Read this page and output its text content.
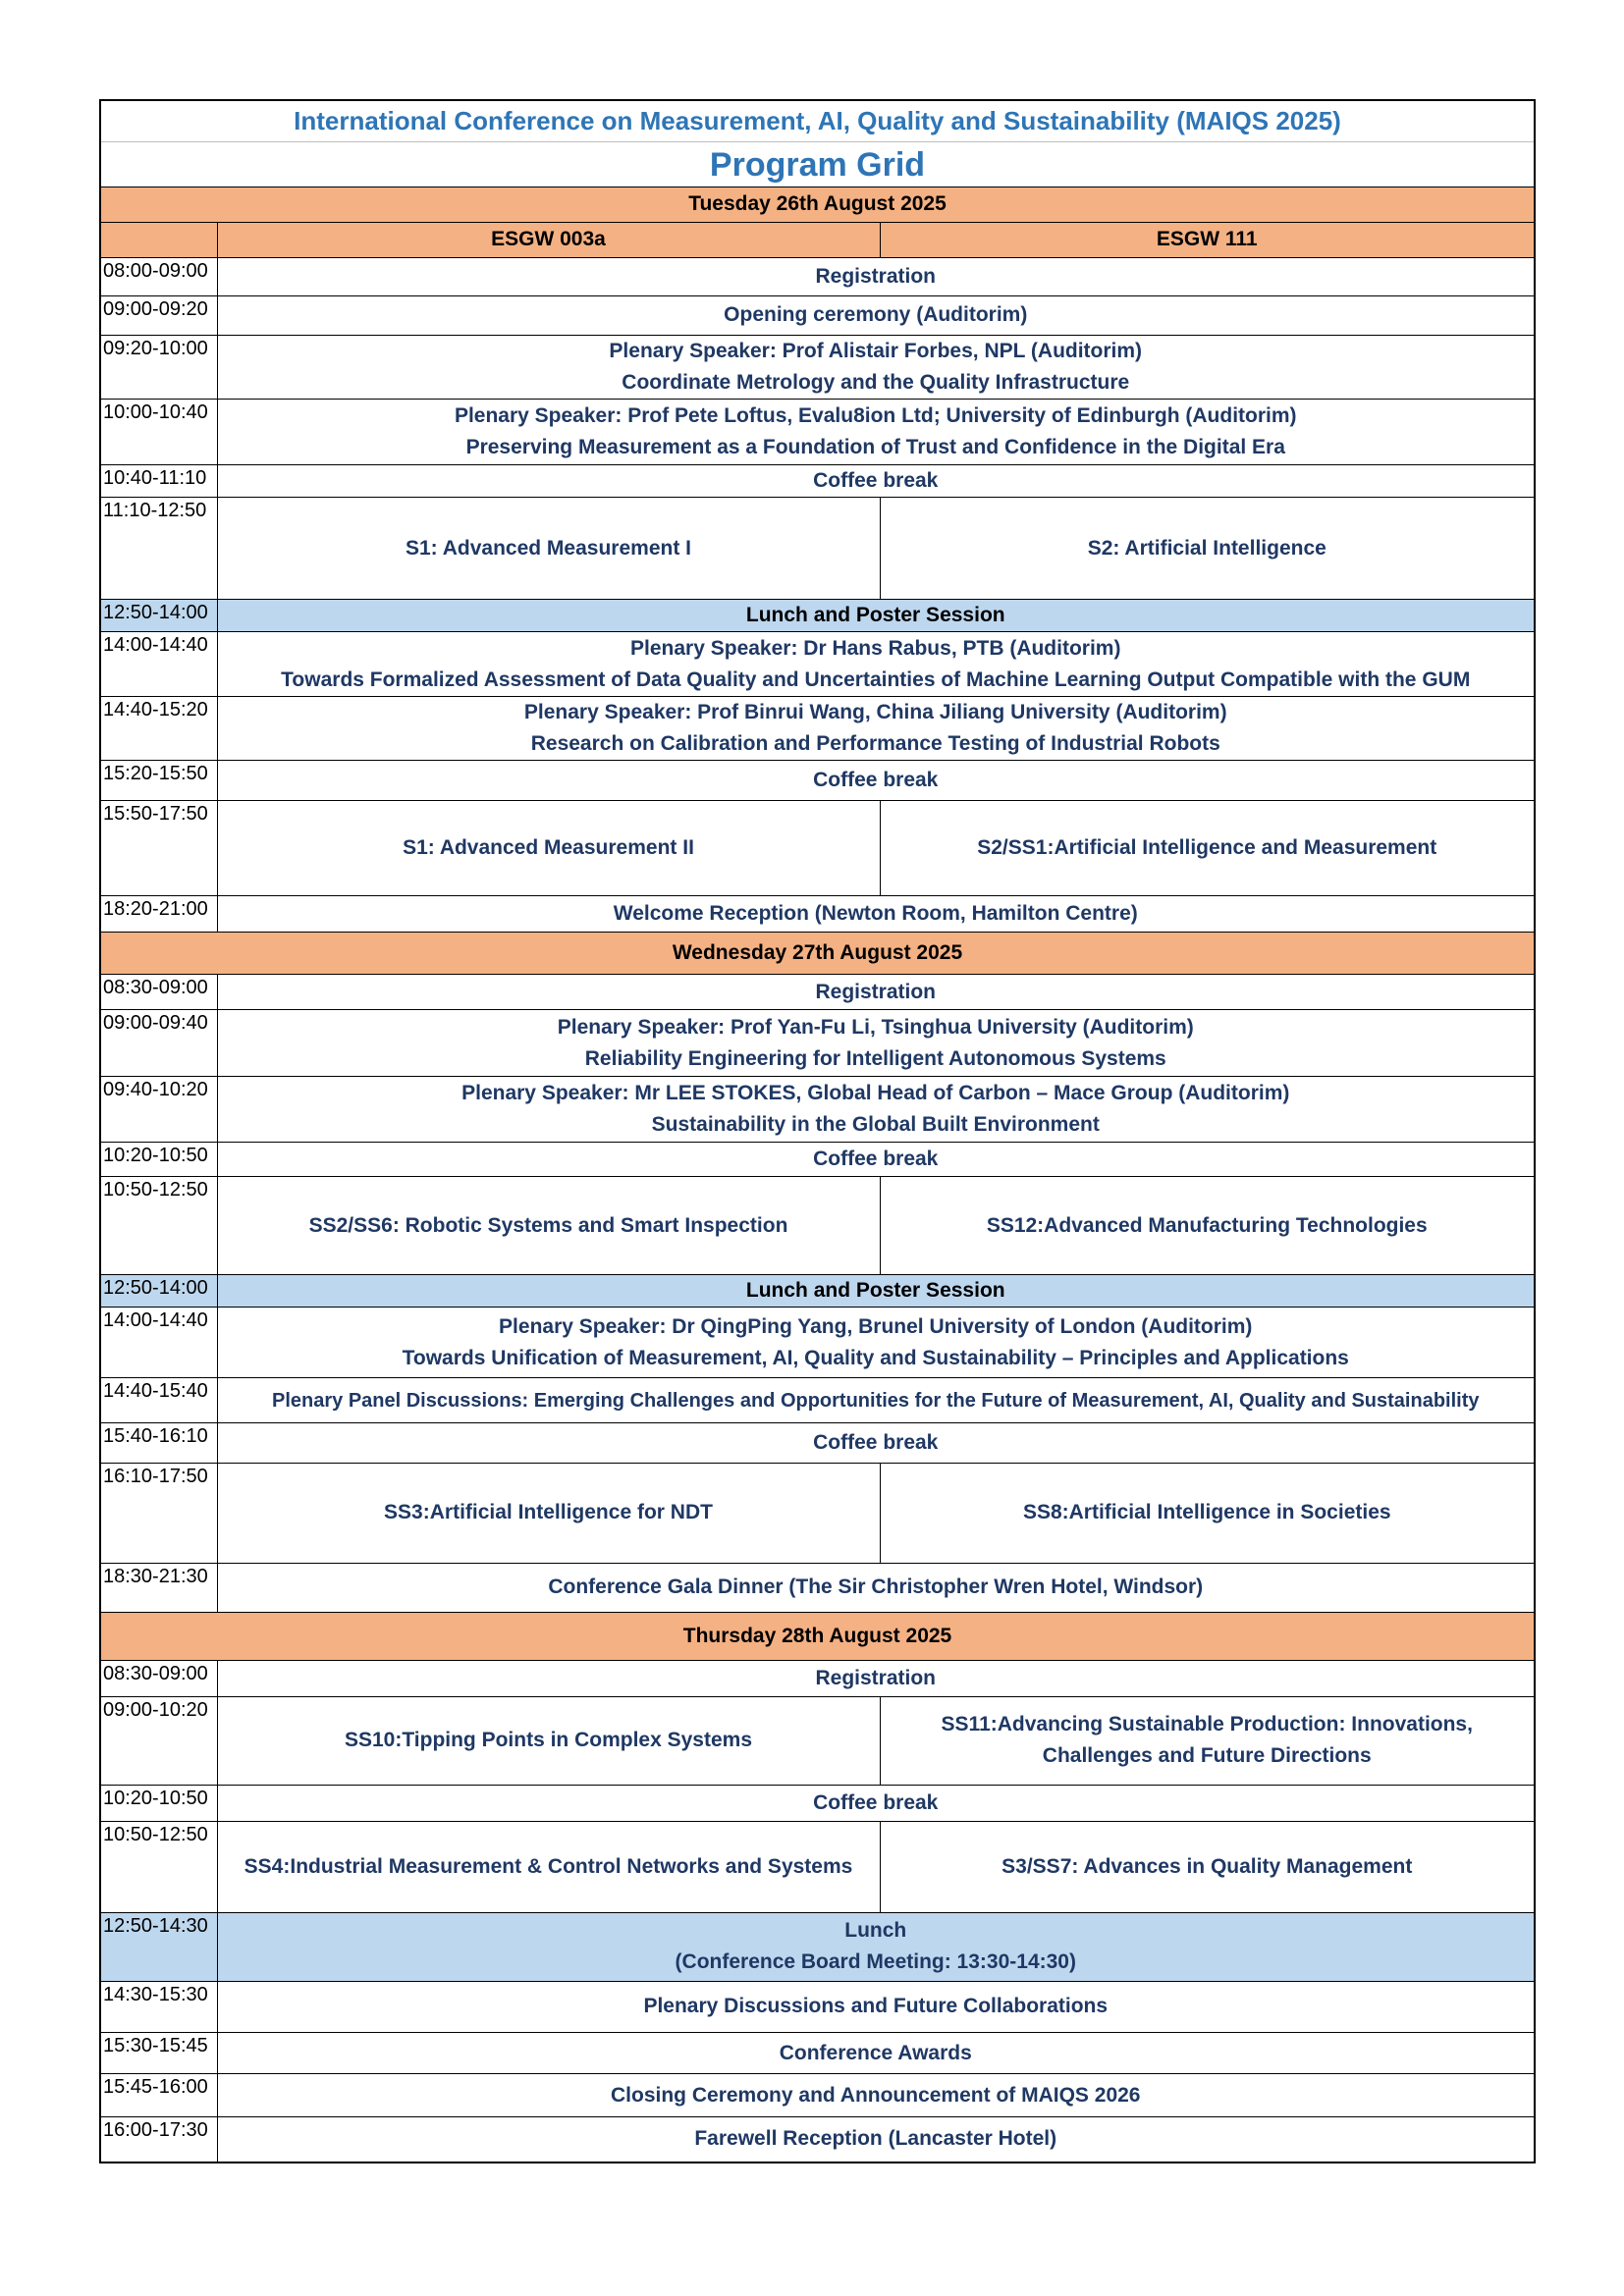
International Conference on Measurement, AI, Quality and Sustainability (MAIQS 2025)		
Program Grid		
Tuesday 26th August 2025		
	ESGW 003a	ESGW 111
08:00-09:00	Registration	
09:00-09:20	Opening ceremony (Auditorim)	
09:20-10:00	Plenary Speaker: Prof Alistair Forbes, NPL (Auditorim)
Coordinate Metrology and the Quality Infrastructure	

10:00-10:40	Plenary Speaker: Prof Pete Loftus, Evalu8ion Ltd; University of Edinburgh (Auditorim)
Preserving Measurement as a Foundation of Trust and Confidence in the Digital Era	

10:40-11:10	Coffee break	
11:10-12:50	S1: Advanced Measurement I	S2: Artificial Intelligence
12:50-14:00	Lunch and Poster Session	
14:00-14:40	Plenary Speaker: Dr Hans Rabus, PTB (Auditorim)
Towards Formalized Assessment of Data Quality and Uncertainties of Machine Learning Output Compatible with the GUM	

14:40-15:20	Plenary Speaker: Prof Binrui Wang, China Jiliang University (Auditorim)
Research on Calibration and Performance Testing of Industrial Robots	

15:20-15:50	Coffee break	
15:50-17:50	S1: Advanced Measurement II	S2/SS1:Artificial Intelligence and Measurement
18:20-21:00	Welcome Reception (Newton Room, Hamilton Centre)	
Wednesday 27th August 2025		
08:30-09:00	Registration	
09:00-09:40	Plenary Speaker: Prof Yan-Fu Li, Tsinghua University (Auditorim)
Reliability Engineering for Intelligent Autonomous Systems	

09:40-10:20	Plenary Speaker: Mr LEE STOKES, Global Head of Carbon – Mace Group (Auditorim)
Sustainability in the Global Built Environment	

10:20-10:50	Coffee break	
10:50-12:50	SS2/SS6: Robotic Systems and Smart Inspection	SS12:Advanced Manufacturing Technologies
12:50-14:00	Lunch and Poster Session	
14:00-14:40	Plenary Speaker: Dr QingPing Yang, Brunel University of London (Auditorim)
Towards Unification of Measurement, AI, Quality and Sustainability – Principles and Applications	

14:40-15:40	Plenary Panel Discussions: Emerging Challenges and Opportunities for the Future of Measurement, AI, Quality and Sustainability	
15:40-16:10	Coffee break	
16:10-17:50	SS3:Artificial Intelligence for NDT	SS8:Artificial Intelligence in Societies
18:30-21:30	Conference Gala Dinner (The Sir Christopher Wren Hotel, Windsor)	
Thursday 28th August 2025		
08:30-09:00	Registration	
09:00-10:20	SS10:Tipping Points in Complex Systems	SS11:Advancing Sustainable Production: Innovations,
Challenges and Future Directions

10:20-10:50	Coffee break	
10:50-12:50	SS4:Industrial Measurement & Control Networks and Systems	S3/SS7: Advances in Quality Management
12:50-14:30	Lunch
(Conference Board Meeting: 13:30-14:30)	

14:30-15:30	Plenary Discussions and Future Collaborations	
15:30-15:45	Conference Awards	
15:45-16:00	Closing Ceremony and Announcement of MAIQS 2026	
16:00-17:30	Farewell Reception (Lancaster Hotel)	
